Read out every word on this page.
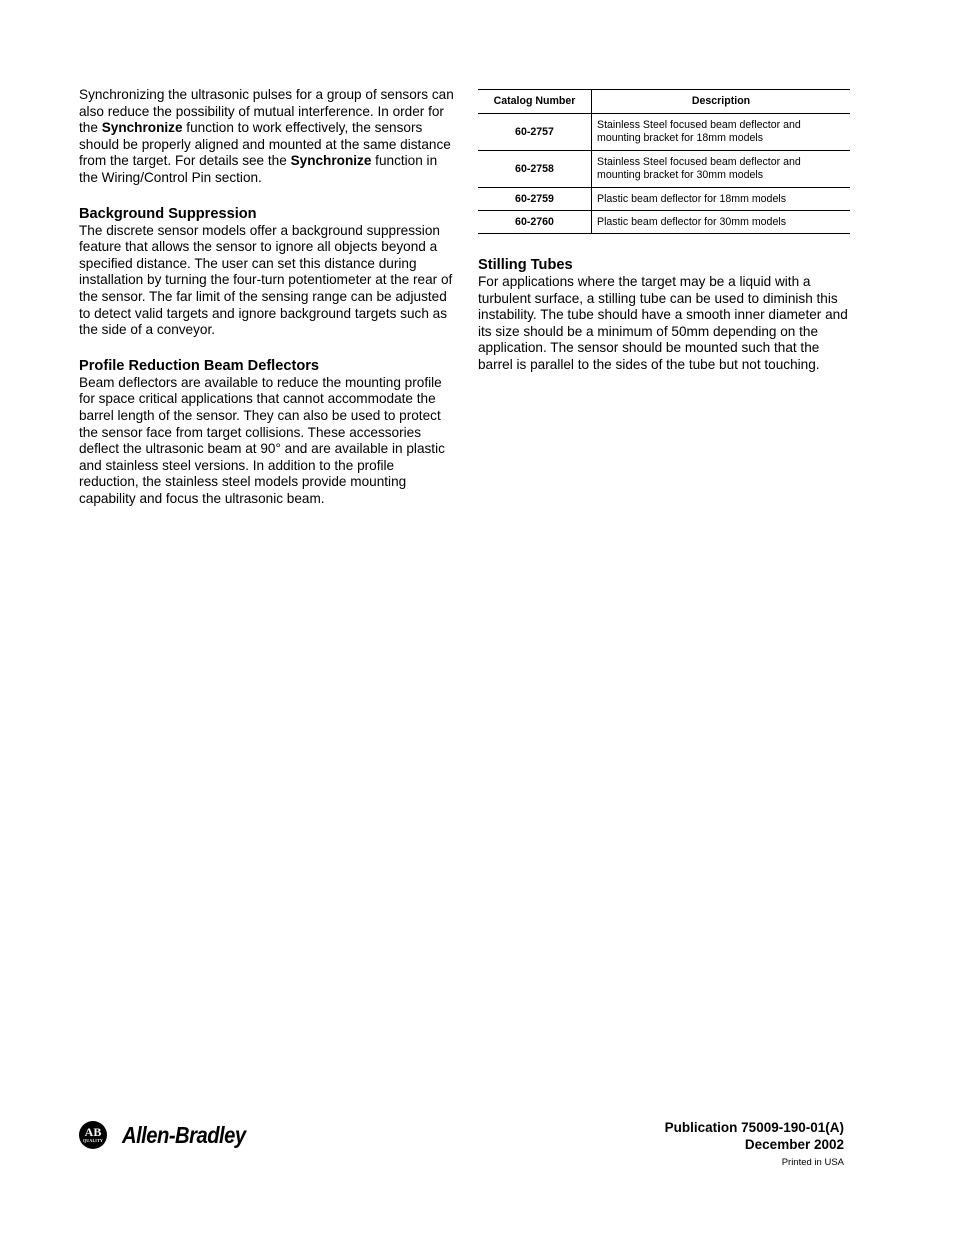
Synchronizing the ultrasonic pulses for a group of sensors can also reduce the possibility of mutual interference. In order for the Synchronize function to work effectively, the sensors should be properly aligned and mounted at the same distance from the target. For details see the Synchronize function in the Wiring/Control Pin section.

Background Suppression

The discrete sensor models offer a background suppression feature that allows the sensor to ignore all objects beyond a specified distance. The user can set this distance during installation by turning the four-turn potentiometer at the rear of the sensor. The far limit of the sensing range can be adjusted to detect valid targets and ignore background targets such as the side of a conveyor.

Profile Reduction Beam Deflectors

Beam deflectors are available to reduce the mounting profile for space critical applications that cannot accommodate the barrel length of the sensor. They can also be used to protect the sensor face from target collisions. These accessories deflect the ultrasonic beam at 90° and are available in plastic and stainless steel versions. In addition to the profile reduction, the stainless steel models provide mounting capability and focus the ultrasonic beam.

Catalog Number	Description
60-2757	Stainless Steel focused beam deflector and mounting bracket for 18mm models
60-2758	Stainless Steel focused beam deflector and mounting bracket for 30mm models
60-2759	Plastic beam deflector for 18mm models
60-2760	Plastic beam deflector for 30mm models
Stilling Tubes

For applications where the target may be a liquid with a turbulent surface, a stilling tube can be used to diminish this instability. The tube should have a smooth inner diameter and its size should be a minimum of 50mm depending on the application. The sensor should be mounted such that the barrel is parallel to the sides of the tube but not touching.

AB
QUALITY Allen-Bradley	Publication 75009-190-01(A)
December 2002
Printed in USA
